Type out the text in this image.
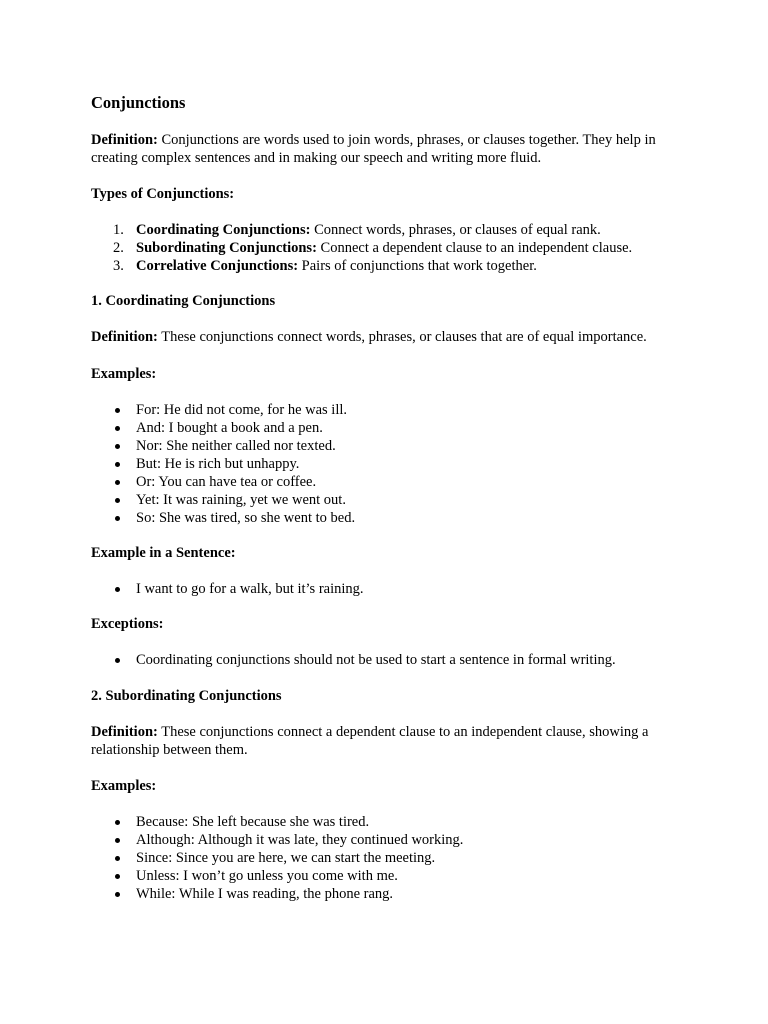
Conjunctions

Definition: Conjunctions are words used to join words, phrases, or clauses together. They help in creating complex sentences and in making our speech and writing more fluid.

Types of Conjunctions:

1. Coordinating Conjunctions: Connect words, phrases, or clauses of equal rank.
2. Subordinating Conjunctions: Connect a dependent clause to an independent clause.
3. Correlative Conjunctions: Pairs of conjunctions that work together.

1. Coordinating Conjunctions

Definition: These conjunctions connect words, phrases, or clauses that are of equal importance.

Examples:

For: He did not come, for he was ill.
And: I bought a book and a pen.
Nor: She neither called nor texted.
But: He is rich but unhappy.
Or: You can have tea or coffee.
Yet: It was raining, yet we went out.
So: She was tired, so she went to bed.

Example in a Sentence:

I want to go for a walk, but it’s raining.

Exceptions:

Coordinating conjunctions should not be used to start a sentence in formal writing.

2. Subordinating Conjunctions

Definition: These conjunctions connect a dependent clause to an independent clause, showing a relationship between them.

Examples:

Because: She left because she was tired.
Although: Although it was late, they continued working.
Since: Since you are here, we can start the meeting.
Unless: I won’t go unless you come with me.
While: While I was reading, the phone rang.
